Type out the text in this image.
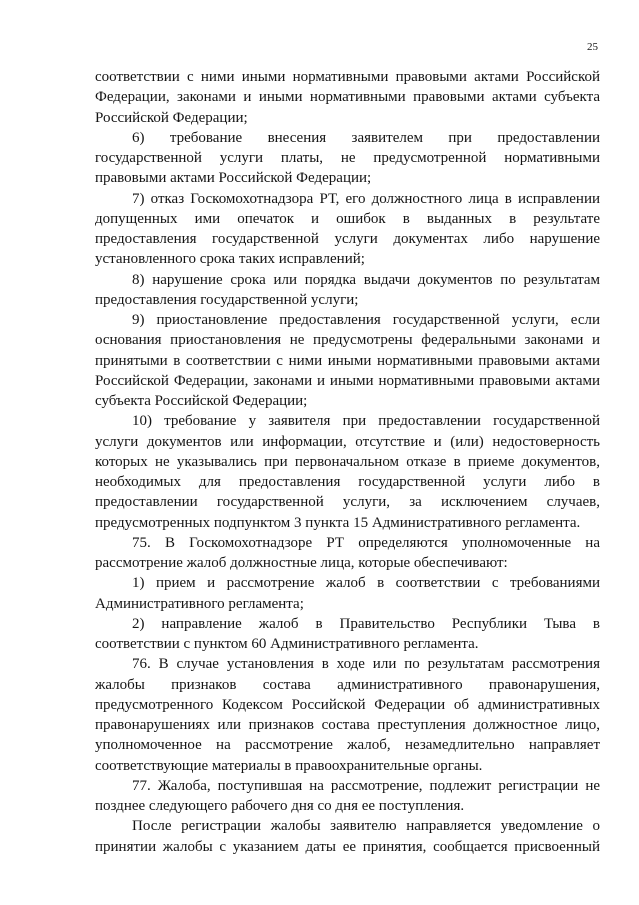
25
соответствии с ними иными нормативными правовыми актами Российской
Федерации, законами и иными нормативными правовыми актами субъекта
Российской Федерации;
6) требование внесения заявителем при предоставлении
государственной услуги платы, не предусмотренной нормативными
правовыми актами Российской Федерации;
7) отказ Госкомохотнадзора РТ, его должностного лица в исправлении
допущенных ими опечаток и ошибок в выданных в результате
предоставления государственной услуги документах либо нарушение
установленного срока таких исправлений;
8) нарушение срока или порядка выдачи документов по результатам
предоставления государственной услуги;
9) приостановление предоставления государственной услуги, если
основания приостановления не предусмотрены федеральными законами и
принятыми в соответствии с ними иными нормативными правовыми актами
Российской Федерации, законами и иными нормативными правовыми актами
субъекта Российской Федерации;
10) требование у заявителя при предоставлении государственной
услуги документов или информации, отсутствие и (или) недостоверность
которых не указывались при первоначальном отказе в приеме документов,
необходимых для предоставления государственной услуги либо в
предоставлении государственной услуги, за исключением случаев,
предусмотренных подпунктом 3 пункта 15 Административного регламента.
75. В Госкомохотнадзоре РТ определяются уполномоченные на
рассмотрение жалоб должностные лица, которые обеспечивают:
1) прием и рассмотрение жалоб в соответствии с требованиями
Административного регламента;
2) направление жалоб в Правительство Республики Тыва в
соответствии с пунктом 60 Административного регламента.
76. В случае установления в ходе или по результатам рассмотрения
жалобы признаков состава административного правонарушения,
предусмотренного Кодексом Российской Федерации об административных
правонарушениях или признаков состава преступления должностное лицо,
уполномоченное на рассмотрение жалоб, незамедлительно направляет
соответствующие материалы в правоохранительные органы.
77. Жалоба, поступившая на рассмотрение, подлежит регистрации не
позднее следующего рабочего дня со дня ее поступления.
После регистрации жалобы заявителю направляется уведомление о
принятии жалобы с указанием даты ее принятия, сообщается присвоенный
